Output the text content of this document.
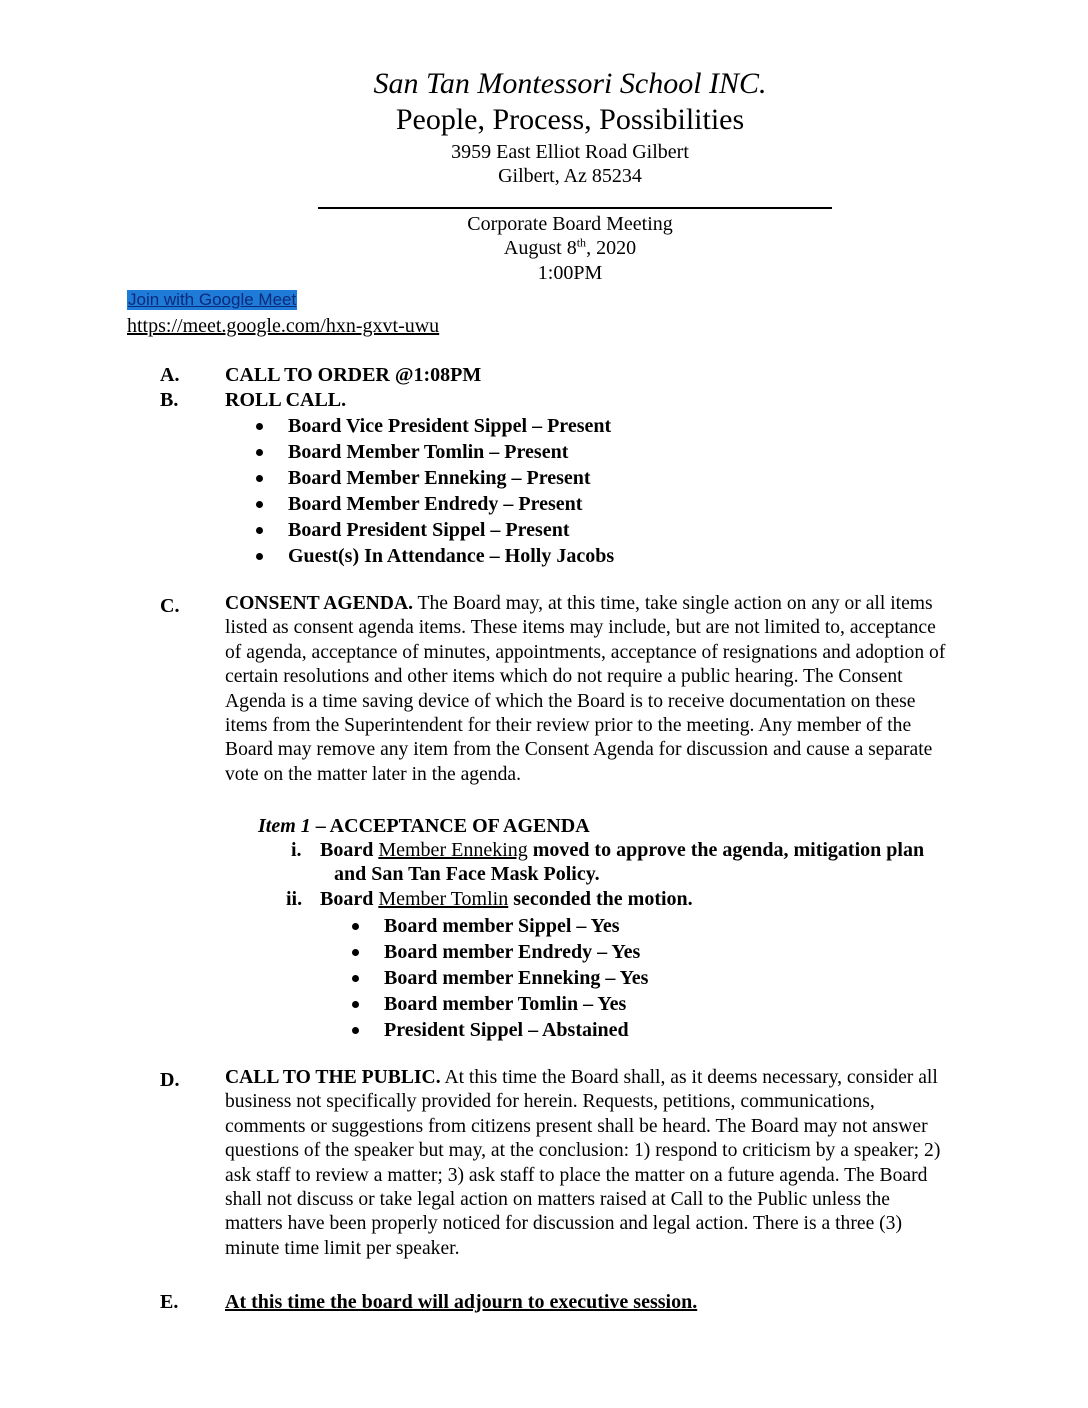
San Tan Montessori School INC.
People, Process, Possibilities
3959 East Elliot Road Gilbert
Gilbert, Az 85234
Corporate Board Meeting
August 8th, 2020
1:00PM
Join with Google Meet
https://meet.google.com/hxn-gxvt-uwu
A. CALL TO ORDER @1:08PM
B. ROLL CALL.
Board Vice President Sippel – Present
Board Member Tomlin – Present
Board Member Enneking – Present
Board Member Endredy – Present
Board President Sippel – Present
Guest(s) In Attendance – Holly Jacobs
C. CONSENT AGENDA. The Board may, at this time, take single action on any or all items
listed as consent agenda items. These items may include, but are not limited to, acceptance
of agenda, acceptance of minutes, appointments, acceptance of resignations and adoption of
certain resolutions and other items which do not require a public hearing. The Consent
Agenda is a time saving device of which the Board is to receive documentation on these
items from the Superintendent for their review prior to the meeting. Any member of the
Board may remove any item from the Consent Agenda for discussion and cause a separate
vote on the matter later in the agenda.
Item 1 – ACCEPTANCE OF AGENDA
i. Board Member Enneking moved to approve the agenda, mitigation plan
and San Tan Face Mask Policy.
ii. Board Member Tomlin seconded the motion.
Board member Sippel – Yes
Board member Endredy – Yes
Board member Enneking – Yes
Board member Tomlin – Yes
President Sippel – Abstained
D. CALL TO THE PUBLIC. At this time the Board shall, as it deems necessary, consider all
business not specifically provided for herein. Requests, petitions, communications,
comments or suggestions from citizens present shall be heard. The Board may not answer
questions of the speaker but may, at the conclusion: 1) respond to criticism by a speaker; 2)
ask staff to review a matter; 3) ask staff to place the matter on a future agenda. The Board
shall not discuss or take legal action on matters raised at Call to the Public unless the
matters have been properly noticed for discussion and legal action. There is a three (3)
minute time limit per speaker.
E. At this time the board will adjourn to executive session.
